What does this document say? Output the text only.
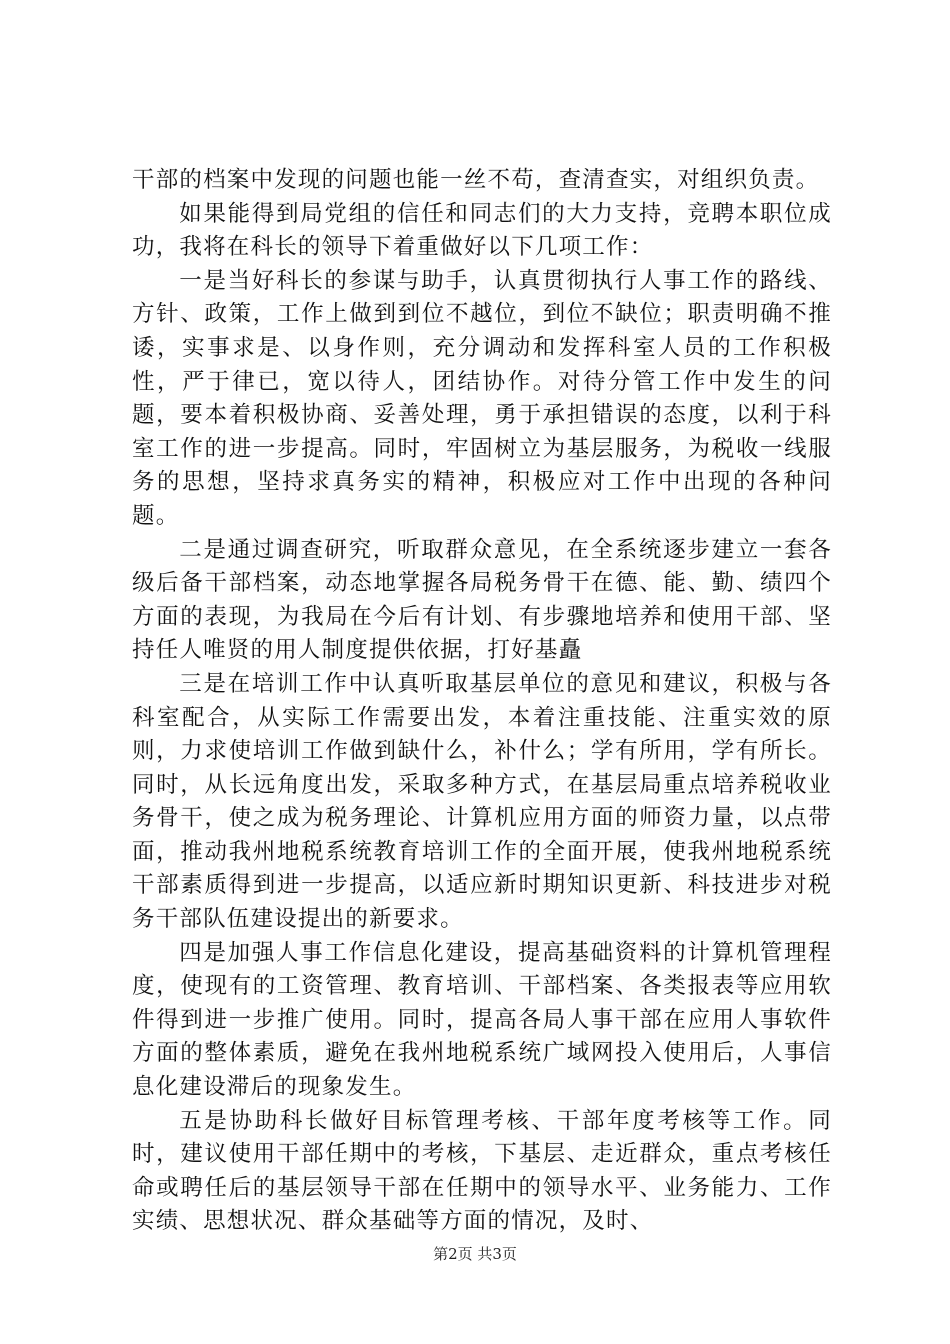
干部的档案中发现的问题也能一丝不苟，查清查实，对组织负责。

如果能得到局党组的信任和同志们的大力支持，竞聘本职位成功，我将在科长的领导下着重做好以下几项工作：

一是当好科长的参谋与助手，认真贯彻执行人事工作的路线、方针、政策，工作上做到到位不越位，到位不缺位；职责明确不推诿，实事求是、以身作则，充分调动和发挥科室人员的工作积极性，严于律已，宽以待人，团结协作。对待分管工作中发生的问题，要本着积极协商、妥善处理，勇于承担错误的态度，以利于科室工作的进一步提高。同时，牢固树立为基层服务，为税收一线服务的思想，坚持求真务实的精神，积极应对工作中出现的各种问题。

二是通过调查研究，听取群众意见，在全系统逐步建立一套各级后备干部档案，动态地掌握各局税务骨干在德、能、勤、绩四个方面的表现，为我局在今后有计划、有步骤地培养和使用干部、坚持任人唯贤的用人制度提供依据，打好基矗

三是在培训工作中认真听取基层单位的意见和建议，积极与各科室配合，从实际工作需要出发，本着注重技能、注重实效的原则，力求使培训工作做到缺什么，补什么；学有所用，学有所长。同时，从长远角度出发，采取多种方式，在基层局重点培养税收业务骨干，使之成为税务理论、计算机应用方面的师资力量，以点带面，推动我州地税系统教育培训工作的全面开展，使我州地税系统干部素质得到进一步提高，以适应新时期知识更新、科技进步对税务干部队伍建设提出的新要求。

四是加强人事工作信息化建设，提高基础资料的计算机管理程度，使现有的工资管理、教育培训、干部档案、各类报表等应用软件得到进一步推广使用。同时，提高各局人事干部在应用人事软件方面的整体素质，避免在我州地税系统广域网投入使用后，人事信息化建设滞后的现象发生。

五是协助科长做好目标管理考核、干部年度考核等工作。同时，建议使用干部任期中的考核，下基层、走近群众，重点考核任命或聘任后的基层领导干部在任期中的领导水平、业务能力、工作实绩、思想状况、群众基础等方面的情况，及时、

第2页 共3页
